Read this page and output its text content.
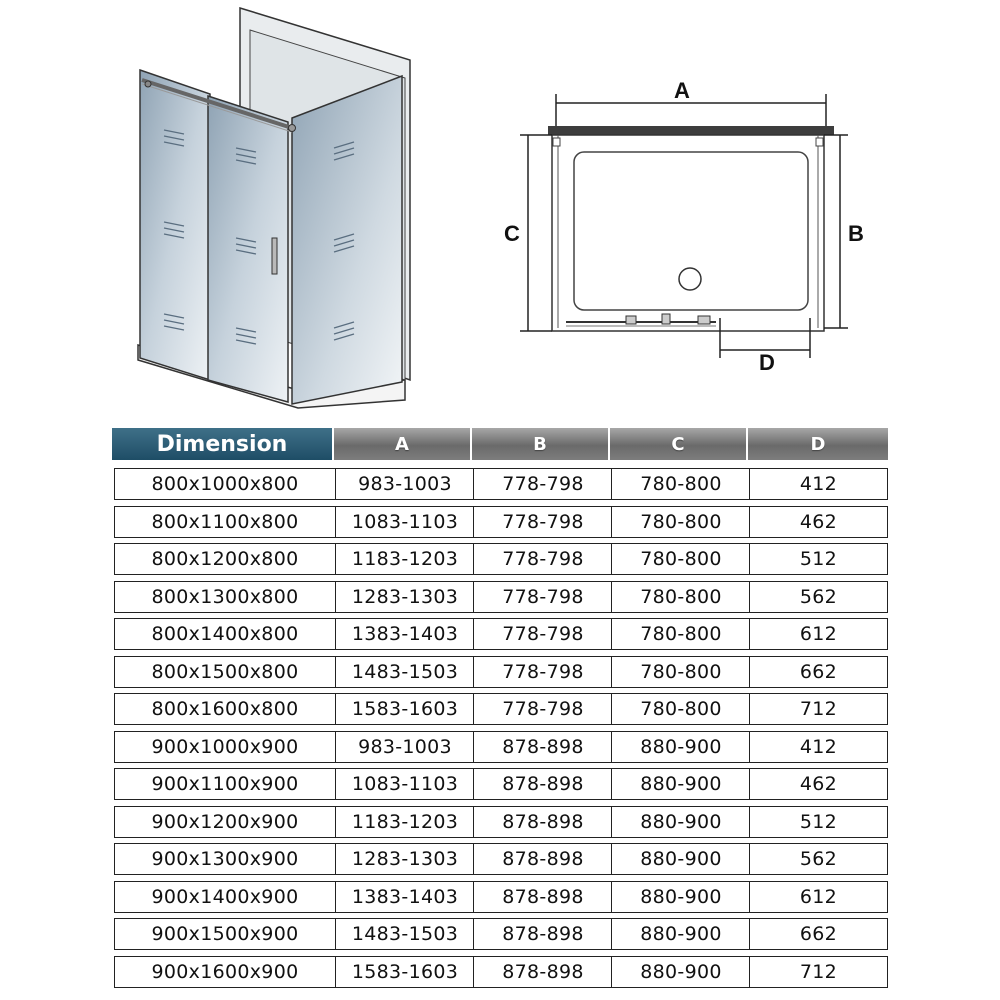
A
C	B
D
Dimension	A	B	C	D
800x1000x800	983-1003	778-798	780-800	412
800x1100x800	1083-1103	778-798	780-800	462
800x1200x800	1183-1203	778-798	780-800	512
800x1300x800	1283-1303	778-798	780-800	562
800x1400x800	1383-1403	778-798	780-800	612
800x1500x800	1483-1503	778-798	780-800	662
800x1600x800	1583-1603	778-798	780-800	712
900x1000x900	983-1003	878-898	880-900	412
900x1100x900	1083-1103	878-898	880-900	462
900x1200x900	1183-1203	878-898	880-900	512
900x1300x900	1283-1303	878-898	880-900	562
900x1400x900	1383-1403	878-898	880-900	612
900x1500x900	1483-1503	878-898	880-900	662
900x1600x900	1583-1603	878-898	880-900	712
